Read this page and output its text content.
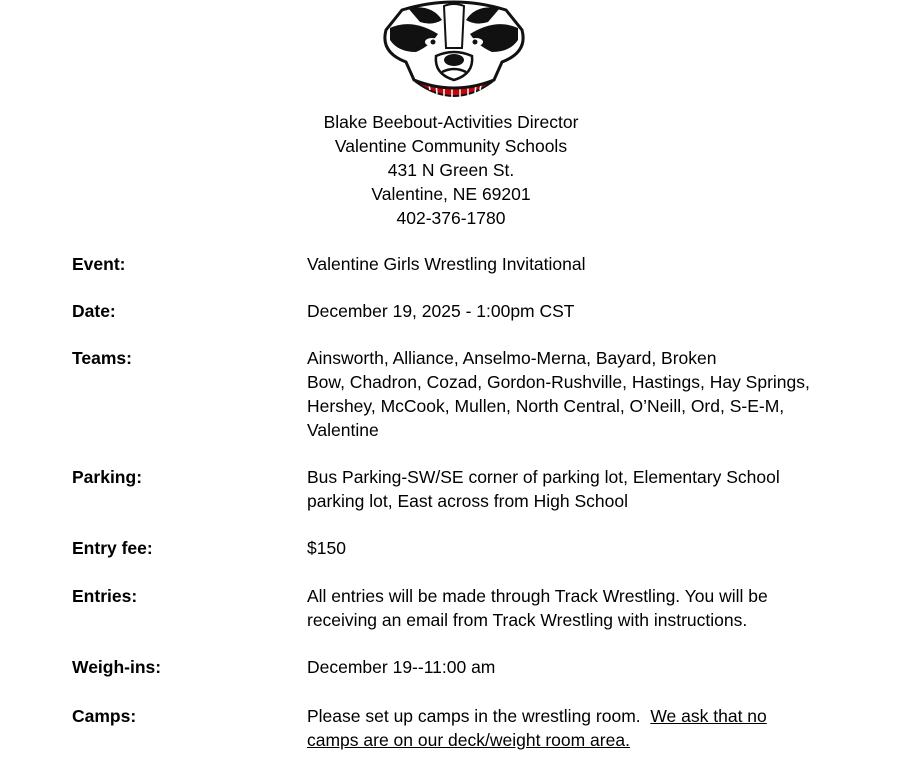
Blake Beebout-Activities Director
Valentine Community Schools
431 N Green St.
Valentine, NE 69201
402-376-1780
Event:	Valentine Girls Wrestling Invitational
Date:	December 19, 2025 - 1:00pm CST
Teams:	Ainsworth, Alliance, Anselmo-Merna, Bayard, Broken
Bow, Chadron, Cozad, Gordon-Rushville, Hastings, Hay Springs,
Hershey, McCook, Mullen, North Central, O’Neill, Ord, S-E-M,
Valentine
Parking:	Bus Parking-SW/SE corner of parking lot, Elementary School
parking lot, East across from High School
Entry fee:	$150
Entries:	All entries will be made through Track Wrestling. You will be
receiving an email from Track Wrestling with instructions.
Weigh-ins:	December 19--11:00 am
Camps:	Please set up camps in the wrestling room.  We ask that no
camps are on our deck/weight room area.
